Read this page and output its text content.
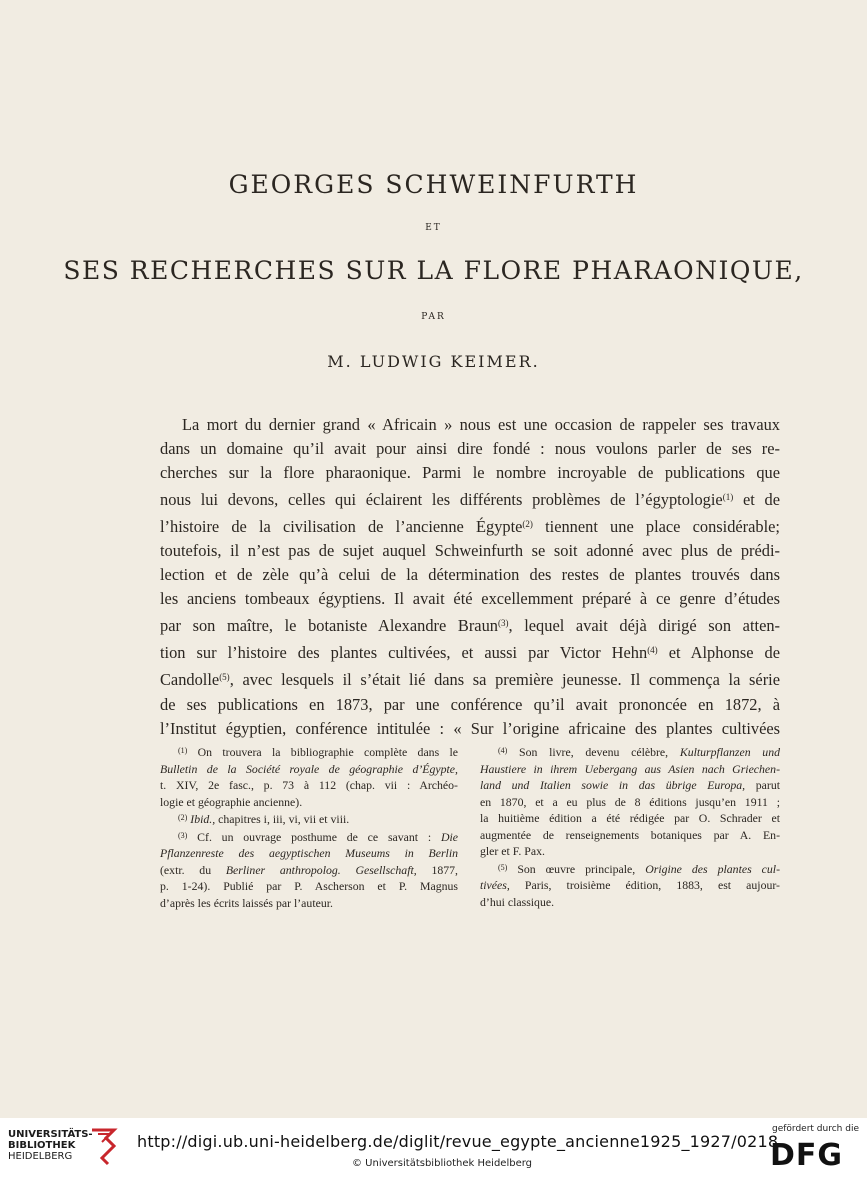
GEORGES SCHWEINFURTH
ET
SES RECHERCHES SUR LA FLORE PHARAONIQUE,
PAR
M. LUDWIG KEIMER.
La mort du dernier grand « Africain » nous est une occasion de rappeler ses travaux
dans un domaine qu’il avait pour ainsi dire fondé : nous voulons parler de ses re-
cherches sur la flore pharaonique. Parmi le nombre incroyable de publications que
nous lui devons, celles qui éclairent les différents problèmes de l’égyptologie$^{(1)}$ et de
l’histoire de la civilisation de l’ancienne Égypte$^{(2)}$ tiennent une place considérable;
toutefois, il n’est pas de sujet auquel Schweinfurth se soit adonné avec plus de prédi-
lection et de zèle qu’à celui de la détermination des restes de plantes trouvés dans
les anciens tombeaux égyptiens. Il avait été excellemment préparé à ce genre d’études
par son maître, le botaniste Alexandre Braun$^{(3)}$, lequel avait déjà dirigé son atten-
tion sur l’histoire des plantes cultivées, et aussi par Victor Hehn$^{(4)}$ et Alphonse de
Candolle$^{(5)}$, avec lesquels il s’était lié dans sa première jeunesse. Il commença la série
de ses publications en 1873, par une conférence qu’il avait prononcée en 1872, à
l’Institut égyptien, conférence intitulée : « Sur l’origine africaine des plantes cultivées
$^{(1)}$ On trouvera la bibliographie complète dans le
Bulletin de la Société royale de géographie d’Égypte,
t. XIV, 2e fasc., p. 73 à 112 (chap. vii : Archéo-
logie et géographie ancienne).
$^{(2)}$ Ibid., chapitres i, iii, vi, vii et viii.
$^{(3)}$ Cf. un ouvrage posthume de ce savant : Die
Pflanzenreste des aegyptischen Museums in Berlin
(extr. du Berliner anthropolog. Gesellschaft, 1877,
p. 1-24). Publié par P. Ascherson et P. Magnus
d’après les écrits laissés par l’auteur.
$^{(4)}$ Son livre, devenu célèbre, Kulturpflanzen und
Haustiere in ihrem Uebergang aus Asien nach Griechen-
land und Italien sowie in das übrige Europa, parut
en 1870, et a eu plus de 8 éditions jusqu’en 1911 ;
la huitième édition a été rédigée par O. Schrader et
augmentée de renseignements botaniques par A. En-
gler et F. Pax.
$^{(5)}$ Son œuvre principale, Origine des plantes cul-
tivées, Paris, troisième édition, 1883, est aujour-
d’hui classique.
UNIVERSITÄTS-
BIBLIOTHEK
HEIDELBERG
http://digi.ub.uni-heidelberg.de/diglit/revue_egypte_ancienne1925_1927/0218
© Universitätsbibliothek Heidelberg
gefördert durch die
DFG
